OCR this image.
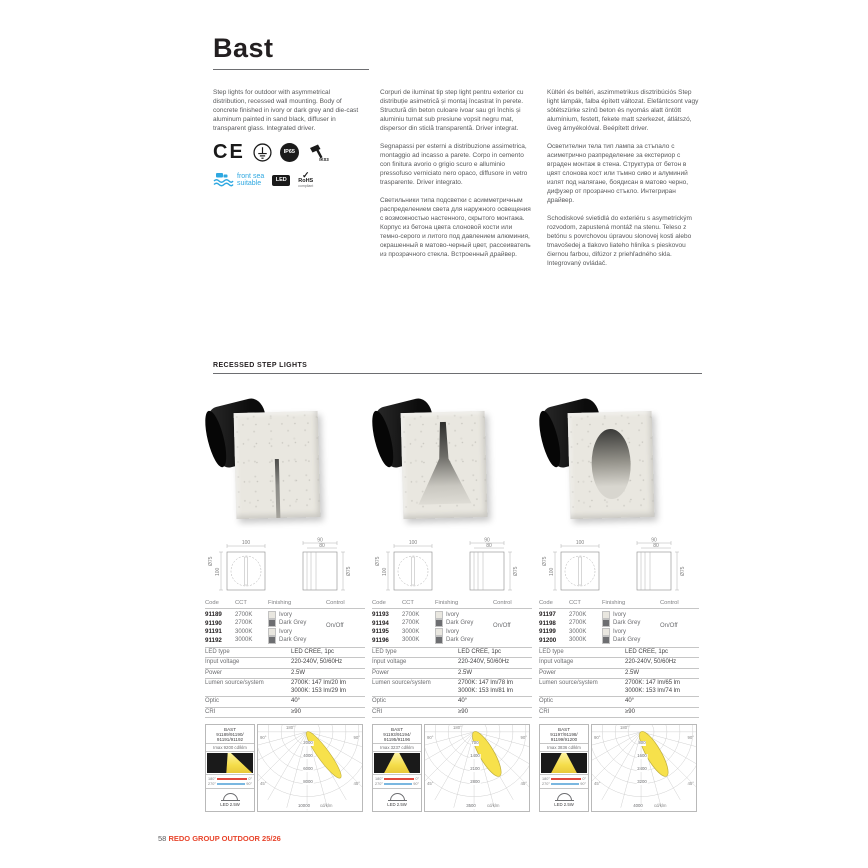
Bast

Step lights for outdoor with asymmetrical distribution, recessed wall mounting. Body of concrete finished in ivory or dark grey and die-cast aluminum painted in sand black, diffuser in transparent glass. Integrated driver.

CE	IP65
IK03
front sea
suitable	LED	✓
RoHS
compliant

Corpuri de iluminat tip step light pentru exterior cu distribuție asimetrică și montaj încastrat în perete. Structură din beton culoare ivoar sau gri închis și aluminiu turnat sub presiune vopsit negru mat, dispersor din sticlă transparentă. Driver integrat.

Segnapassi per esterni a distribuzione assimetrica, montaggio ad incasso a parete. Corpo in cemento con finitura avorio o grigio scuro e alluminio pressofuso verniciato nero opaco, diffusore in vetro trasparente. Driver integrato.

Светильники типа подсветки с асимметричным распределением света для наружного освещения с возможностью настенного, скрытого монтажа. Корпус из бетона цвета слоновой кости или темно-серого и литого под давлением алюминия, окрашенный в матово-черный цвет, рассеиватель из прозрачного стекла. Встроенный драйвер.

Kültéri és beltéri, aszimmetrikus disztribúciós Step light lámpák, falba épített változat. Elefántcsont vagy sötétszürke színű beton és nyomás alatt öntött alumínium, festett, fekete matt szerkezet, átlátszó, üveg árnyékolóval. Beépített driver.

Осветителни тела тип лампа за стъпало с асиметрично разпределение за екстериор с вграден монтаж в стена. Структура от бетон в цвят слонова кост или тъмно сиво и алуминий излят под налягане, боядисан в матово черно, дифузер от прозрачно стъкло. Интегриран драйвер.

Schodiskové svietidlá do exteriéru s asymetrickým rozvodom, zapustená montáž na stenu. Teleso z betónu s povrchovou úpravou slonovej kosti alebo tmavošedej a tlakovo liateho hliníka s pieskovou čiernou farbou, difúzor z priehľadného skla. Integrovaný ovládač.

RECESSED STEP LIGHTS
100
100
Ø75
90
80
Ø75
Code	CCT	Finishing	Control
91189	2700K	Ivory
91190	2700K	Dark Grey
91191	3000K	Ivory
91192	3000K	Dark Grey
On/Off
LED type	LED CREE, 1pc
Input voltage	220-240V, 50/60Hz
Power	2.5W
Lumen source/system	2700K: 147 lm/20 lm
3000K: 153 lm/29 lm
Optic	40°
CRI	≥90
BAST
91189/91190/
91191/91192
Imax 9200 cd/klm
180°	0°
270°	90°
LED 2.5W
180°
90°	90°
45°	45°
2000
4000
6000
8000
10000 cd/klm
100
100
Ø75
90
80
Ø75
Code	CCT	Finishing	Control
91193	2700K	Ivory
91194	2700K	Dark Grey
91195	3000K	Ivory
91196	3000K	Dark Grey
On/Off
LED type	LED CREE, 1pc
Input voltage	220-240V, 50/60Hz
Power	2.5W
Lumen source/system	2700K: 147 lm/78 lm
3000K: 153 lm/81 lm
Optic	40°
CRI	≥90
BAST
91193/91194/
91195/91196
Imax 3237 cd/klm
180°	0°
270°	90°
LED 2.5W
180°
90°	90°
45°	45°
700
1400
2100
2800
3500	cd/klm
100
100
Ø75
90
80
Ø75
Code	CCT	Finishing	Control
91197	2700K	Ivory
91198	2700K	Dark Grey
91199	3000K	Ivory
91200	3000K	Dark Grey
On/Off
LED type	LED CREE, 1pc
Input voltage	220-240V, 50/60Hz
Power	2.5W
Lumen source/system	2700K: 147 lm/65 lm
3000K: 153 lm/74 lm
Optic	40°
CRI	≥90
BAST
91197/91198/
91199/91200
Imax 3836 cd/klm
180°	0°
270°	90°
LED 2.5W
180°
90°	90°
45°	45°
800
1600
2400
3200
4000	cd/klm
58 REDO GROUP OUTDOOR 25/26
